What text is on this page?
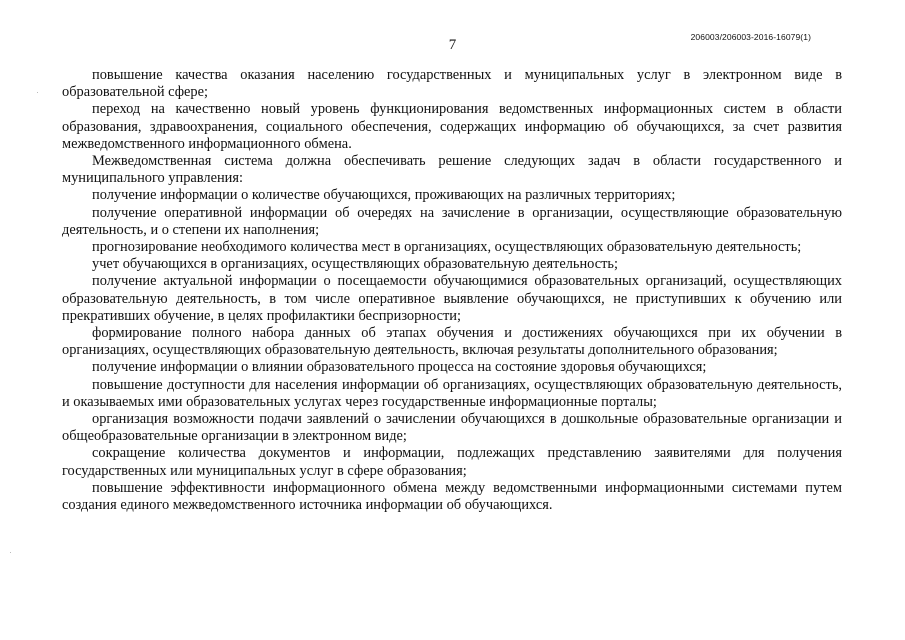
7	206003/206003-2016-16079(1)

повышение качества оказания населению государственных и муниципальных услуг в электронном виде в образовательной сфере;

переход на качественно новый уровень функционирования ведомственных информационных систем в области образования, здравоохранения, социального обеспечения, содержащих информацию об обучающихся, за счет развития межведомственного информационного обмена.

Межведомственная система должна обеспечивать решение следующих задач в области государственного и муниципального управления:

получение информации о количестве обучающихся, проживающих на различных территориях;

получение оперативной информации об очередях на зачисление в организации, осуществляющие образовательную деятельность, и о степени их наполнения;

прогнозирование необходимого количества мест в организациях, осуществляющих образовательную деятельность;

учет обучающихся в организациях, осуществляющих образовательную деятельность;

получение актуальной информации о посещаемости обучающимися образовательных организаций, осуществляющих образовательную деятельность, в том числе оперативное выявление обучающихся, не приступивших к обучению или прекративших обучение, в целях профилактики беспризорности;

формирование полного набора данных об этапах обучения и достижениях обучающихся при их обучении в организациях, осуществляющих образовательную деятельность, включая результаты дополнительного образования;

получение информации о влиянии образовательного процесса на состояние здоровья обучающихся;

повышение доступности для населения информации об организациях, осуществляющих образовательную деятельность, и оказываемых ими образовательных услугах через государственные информационные порталы;

организация возможности подачи заявлений о зачислении обучающихся в дошкольные образовательные организации и общеобразовательные организации в электронном виде;

сокращение количества документов и информации, подлежащих представлению заявителями для получения государственных или муниципальных услуг в сфере образования;

повышение эффективности информационного обмена между ведомственными информационными системами путем создания единого межведомственного источника информации об обучающихся.
